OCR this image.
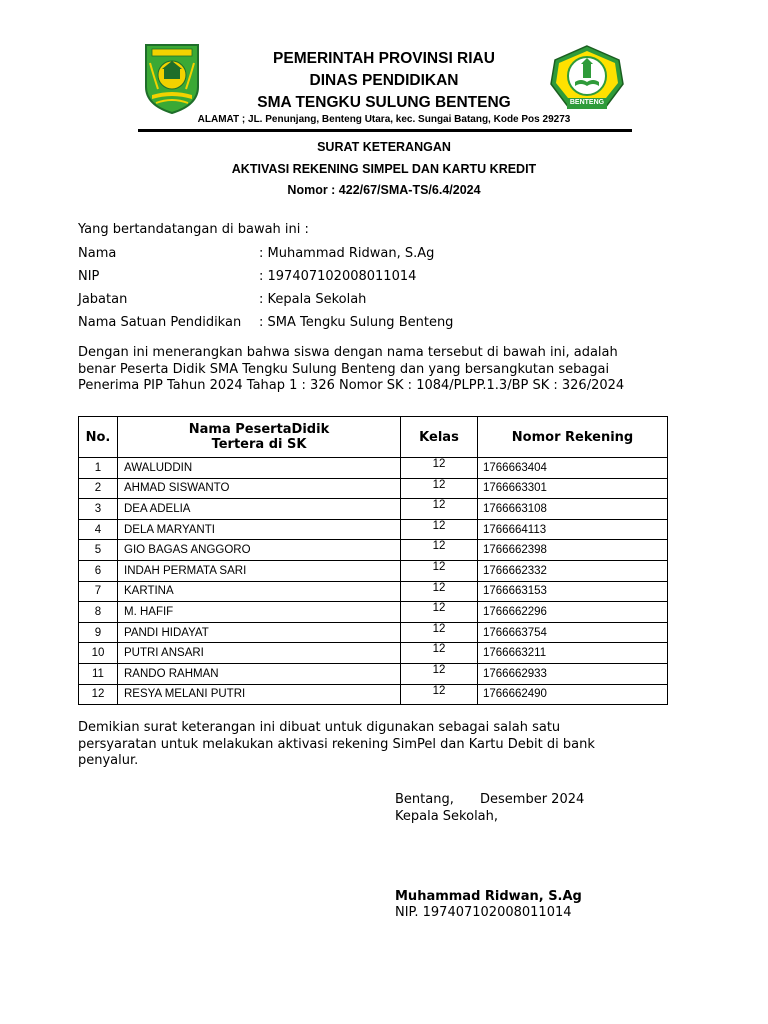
BENTENG
PEMERINTAH PROVINSI RIAU
DINAS PENDIDIKAN
SMA TENGKU SULUNG BENTENG
ALAMAT ; JL. Penunjang, Benteng Utara, kec. Sungai Batang, Kode Pos 29273
SURAT KETERANGAN
AKTIVASI REKENING SIMPEL DAN KARTU KREDIT
Nomor : 422/67/SMA-TS/6.4/2024
Yang bertandatangan di bawah ini :
Nama	: Muhammad Ridwan, S.Ag
NIP	: 197407102008011014
Jabatan	: Kepala Sekolah
Nama Satuan Pendidikan : SMA Tengku Sulung Benteng
Dengan ini menerangkan bahwa siswa dengan nama tersebut di bawah ini, adalah
benar Peserta Didik SMA Tengku Sulung Benteng dan yang bersangkutan sebagai
Penerima PIP Tahun 2024 Tahap 1 : 326 Nomor SK : 1084/PLPP.1.3/BP SK : 326/2024
No.	Nama PesertaDidik
Tertera di SK	Kelas	Nomor Rekening
1	AWALUDDIN	12	1766663404
2	AHMAD SISWANTO	12	1766663301
3	DEA ADELIA	12	1766663108
4	DELA MARYANTI	12	1766664113
5	GIO BAGAS ANGGORO	12	1766662398
6	INDAH PERMATA SARI	12	1766662332
7	KARTINA	12	1766663153
8	M. HAFIF	12	1766662296
9	PANDI HIDAYAT	12	1766663754
10	PUTRI ANSARI	12	1766663211
11	RANDO RAHMAN	12	1766662933
12	RESYA MELANI PUTRI	12	1766662490
Demikian surat keterangan ini dibuat untuk digunakan sebagai salah satu
persyaratan untuk melakukan aktivasi rekening SimPel dan Kartu Debit di bank
penyalur.
Bentang, Desember 2024
Kepala Sekolah,
Muhammad Ridwan, S.Ag
NIP. 197407102008011014
